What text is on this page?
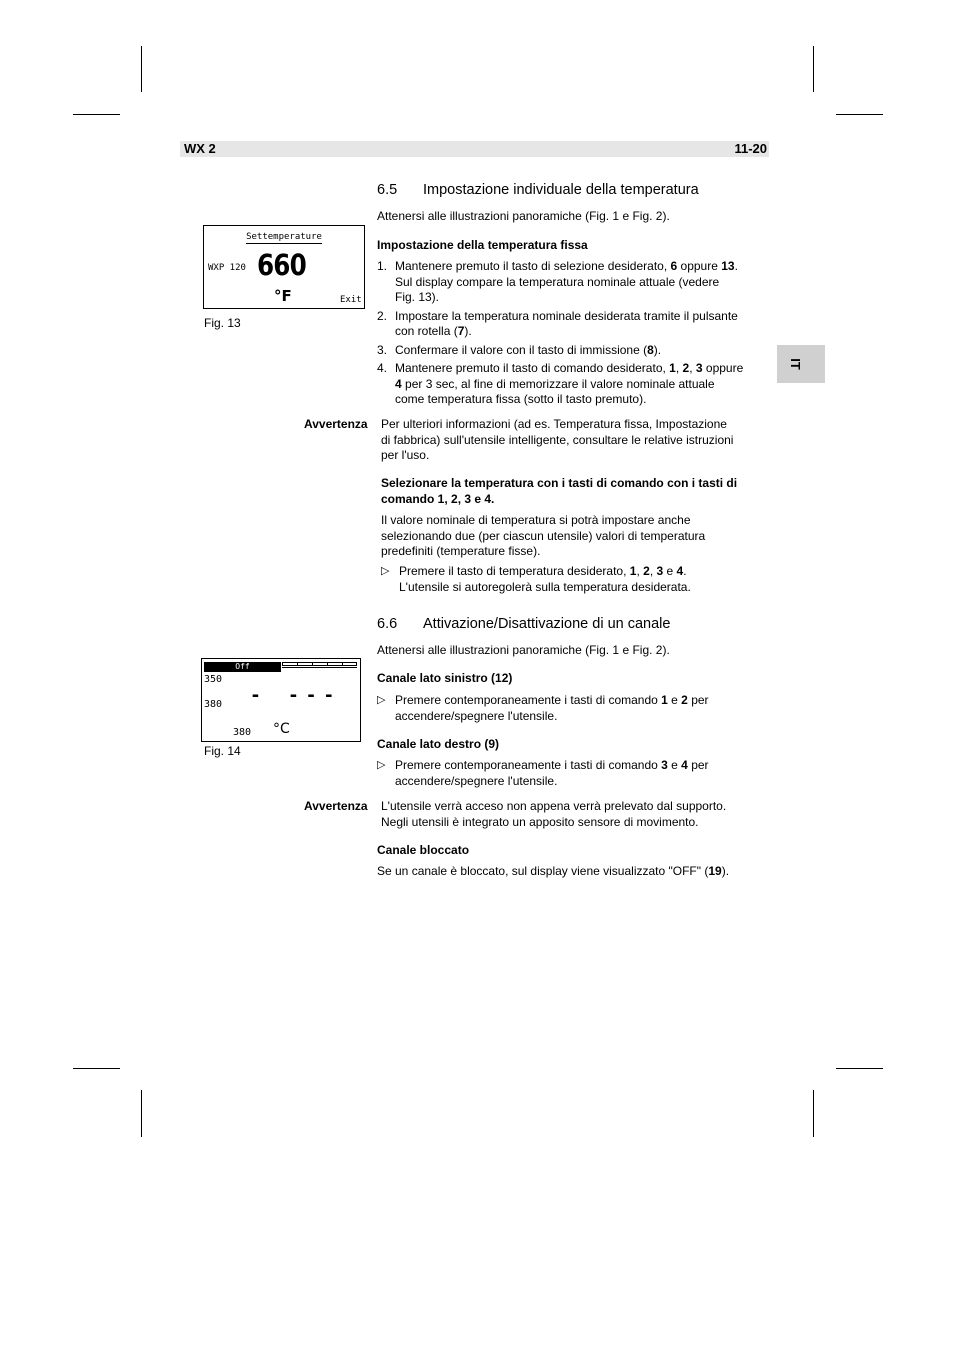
WX 2	11-20
IT
6.5 Impostazione individuale della temperatura
Attenersi alle illustrazioni panoramiche (Fig. 1 e Fig. 2).
Impostazione della temperatura fissa
1. Mantenere premuto il tasto di selezione desiderato, 6 oppure 13.
Sul display compare la temperatura nominale attuale (vedere
Fig. 13).
2. Impostare la temperatura nominale desiderata tramite il pulsante
con rotella (7).
3. Confermare il valore con il tasto di immissione (8).
4. Mantenere premuto il tasto di comando desiderato, 1, 2, 3 oppure
4 per 3 sec, al fine di memorizzare il valore nominale attuale
come temperatura fissa (sotto il tasto premuto).
Avvertenza Per ulteriori informazioni (ad es. Temperatura fissa, Impostazione
di fabbrica) sull'utensile intelligente, consultare le relative istruzioni
per l'uso.
Selezionare la temperatura con i tasti di comando con i tasti di
comando 1, 2, 3 e 4.
Il valore nominale di temperatura si potrà impostare anche
selezionando due (per ciascun utensile) valori di temperatura
predefiniti (temperature fisse).
▷ Premere il tasto di temperatura desiderato, 1, 2, 3 e 4.
L'utensile si autoregolerà sulla temperatura desiderata.
6.6 Attivazione/Disattivazione di un canale
Attenersi alle illustrazioni panoramiche (Fig. 1 e Fig. 2).
Canale lato sinistro (12)
▷ Premere contemporaneamente i tasti di comando 1 e 2 per
accendere/spegnere l'utensile.
Canale lato destro (9)
▷ Premere contemporaneamente i tasti di comando 3 e 4 per
accendere/spegnere l'utensile.
Avvertenza L'utensile verrà acceso non appena verrà prelevato dal supporto.
Negli utensili è integrato un apposito sensore di movimento.
Canale bloccato
Se un canale è bloccato, sul display viene visualizzato "OFF" (19).
Settemperature
WXP 120 660
°F	Exit
Fig. 13
Off
350
380 - - - -
380 °C
Fig. 14
